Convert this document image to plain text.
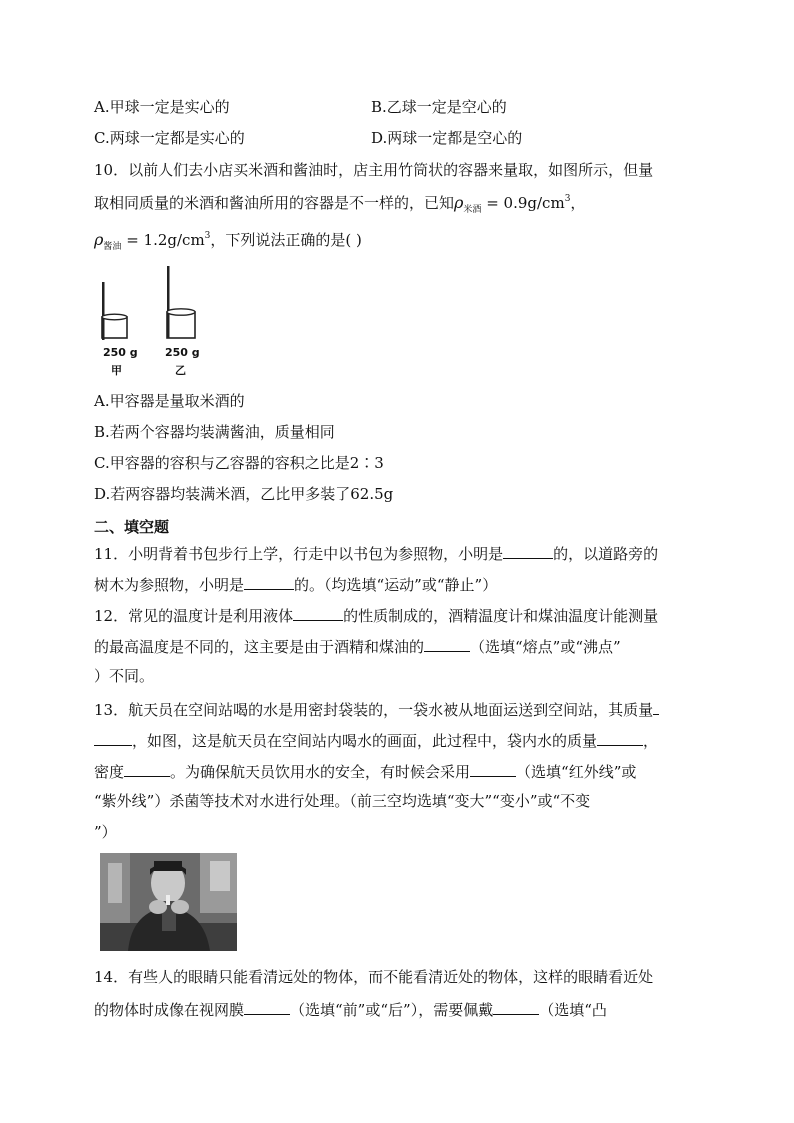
A.甲球一定是实心的	B.乙球一定是空心的
C.两球一定都是实心的	D.两球一定都是空心的
10．以前人们去小店买米酒和酱油时，店主用竹筒状的容器来量取，如图所示，但量
取相同质量的米酒和酱油所用的容器是不一样的，已知$\rho_{米酒} = 0.9g/cm^3$，
$\rho_{酱油} = 1.2g/cm^3$，下列说法正确的是( )
250 g 250 g
甲	乙
A.甲容器是量取米酒的
B.若两个容器均装满酱油，质量相同
C.甲容器的容积与乙容器的容积之比是2∶3
D.若两容器均装满米酒，乙比甲多装了62.5g
二、填空题
11．小明背着书包步行上学，行走中以书包为参照物，小明是	的，以道路旁的
树木为参照物，小明是	的。（均选填“运动”或“静止”）
12．常见的温度计是利用液体	的性质制成的，酒精温度计和煤油温度计能测量
的最高温度是不同的，这主要是由于酒精和煤油的	（选填“熔点”或“沸点”
）不同。
13．航天员在空间站喝的水是用密封袋装的，一袋水被从地面运送到空间站，其质量
，如图，这是航天员在空间站内喝水的画面，此过程中，袋内水的质量	，
密度	。为确保航天员饮用水的安全，有时候会采用	（选填“红外线”或
“紫外线”）杀菌等技术对水进行处理。（前三空均选填“变大”“变小”或“不变
”）
14．有些人的眼睛只能看清远处的物体，而不能看清近处的物体，这样的眼睛看近处
的物体时成像在视网膜	（选填“前”或“后”），需要佩戴	（选填“凸
